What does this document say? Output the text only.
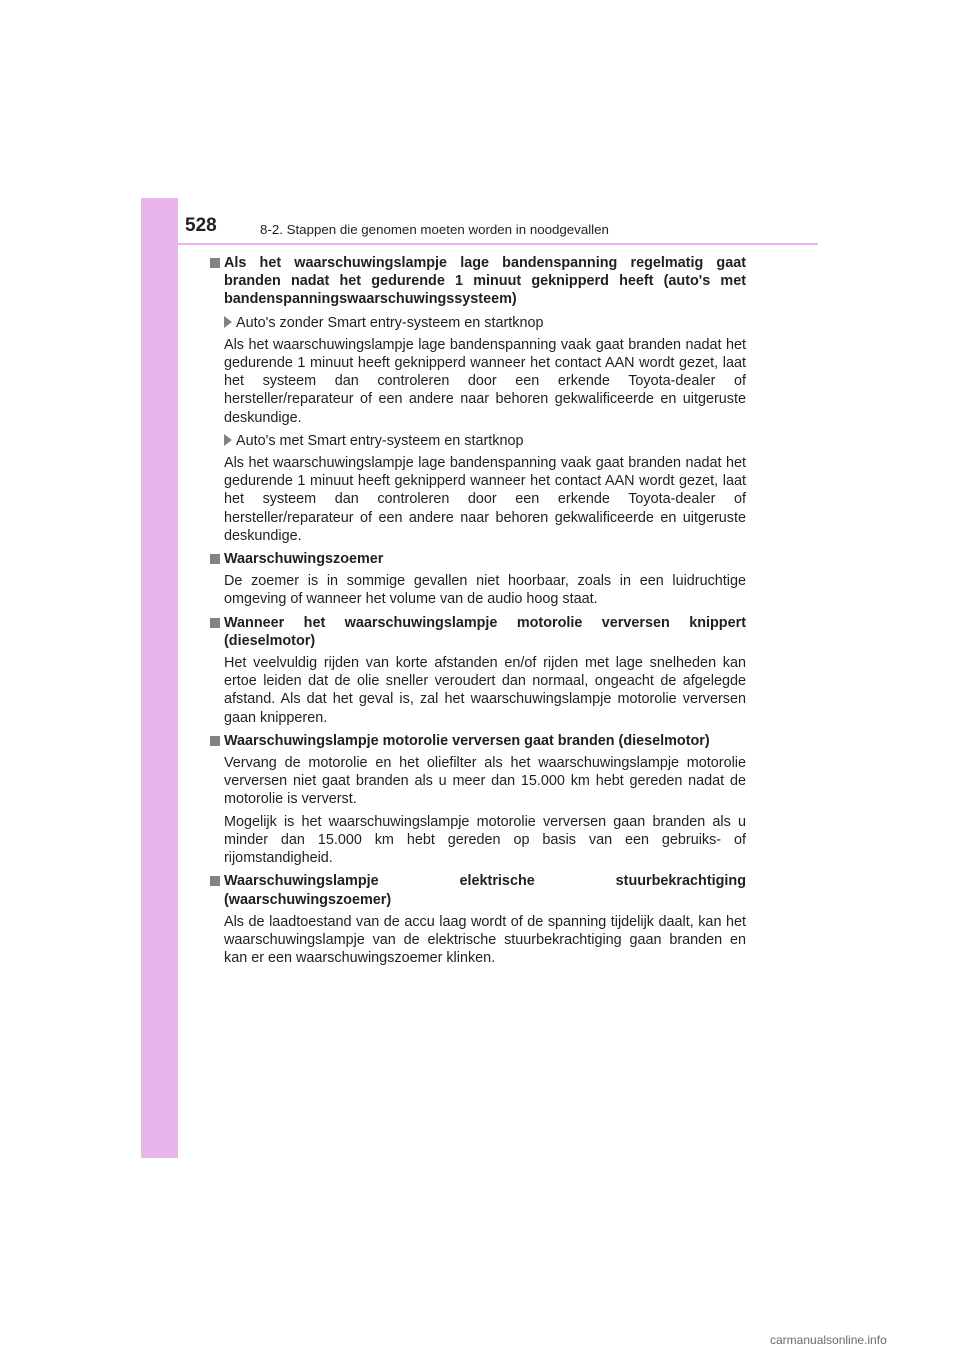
528	8-2. Stappen die genomen moeten worden in noodgevallen
Als het waarschuwingslampje lage bandenspanning regelmatig gaat branden nadat het gedurende 1 minuut geknipperd heeft (auto's met bandenspanningswaarschuwingssysteem)
Auto's zonder Smart entry-systeem en startknop
Als het waarschuwingslampje lage bandenspanning vaak gaat branden nadat het gedurende 1 minuut heeft geknipperd wanneer het contact AAN wordt gezet, laat het systeem dan controleren door een erkende Toyota-dealer of hersteller/reparateur of een andere naar behoren gekwalificeerde en uitgeruste deskundige.
Auto's met Smart entry-systeem en startknop
Als het waarschuwingslampje lage bandenspanning vaak gaat branden nadat het gedurende 1 minuut heeft geknipperd wanneer het contact AAN wordt gezet, laat het systeem dan controleren door een erkende Toyota-dealer of hersteller/reparateur of een andere naar behoren gekwalificeerde en uitgeruste deskundige.
Waarschuwingszoemer
De zoemer is in sommige gevallen niet hoorbaar, zoals in een luidruchtige omgeving of wanneer het volume van de audio hoog staat.
Wanneer het waarschuwingslampje motorolie verversen knippert (dieselmotor)
Het veelvuldig rijden van korte afstanden en/of rijden met lage snelheden kan ertoe leiden dat de olie sneller veroudert dan normaal, ongeacht de afgelegde afstand. Als dat het geval is, zal het waarschuwingslampje motorolie verversen gaan knipperen.
Waarschuwingslampje motorolie verversen gaat branden (dieselmotor)
Vervang de motorolie en het oliefilter als het waarschuwingslampje motorolie verversen niet gaat branden als u meer dan 15.000 km hebt gereden nadat de motorolie is ververst.
Mogelijk is het waarschuwingslampje motorolie verversen gaan branden als u minder dan 15.000 km hebt gereden op basis van een gebruiks- of rijomstandigheid.
Waarschuwingslampje elektrische stuurbekrachtiging (waarschuwingszoemer)
Als de laadtoestand van de accu laag wordt of de spanning tijdelijk daalt, kan het waarschuwingslampje van de elektrische stuurbekrachtiging gaan branden en kan er een waarschuwingszoemer klinken.
carmanualsonline.info
